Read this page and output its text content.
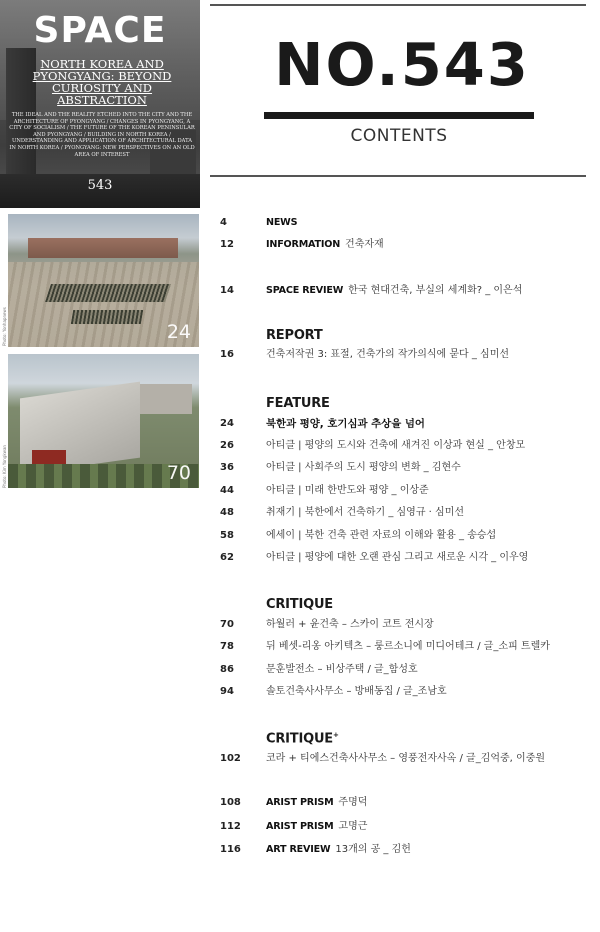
SPACE
NORTH KOREA AND PYONGYANG: BEYOND CURIOSITY AND ABSTRACTION
THE IDEAL AND THE REALITY ETCHED INTO THE CITY AND THE ARCHITECTURE OF PYONGYANG / CHANGES IN PYONGYANG, A CITY OF SOCIALISM / THE FUTURE OF THE KOREAN PENINSULAR AND PYONGYANG / BUILDING IN NORTH KOREA / UNDERSTANDING AND APPLICATION OF ARCHITECTURAL DATA IN NORTH KOREA / PYONGYANG: NEW PERSPECTIVES ON AN OLD AREA OF INTEREST
543
24
Photo: Yonhapnews
70
Photo: Kim Yongkwan
NO.543
CONTENTS
4	NEWS
12	INFORMATION 건축자재
14	SPACE REVIEW 한국 현대건축, 부실의 세계화? _ 이은석
REPORT
16	건축저작권 3: 표절, 건축가의 작가의식에 묻다 _ 심미선
FEATURE
24	북한과 평양, 호기심과 추상을 넘어
26	아티클 | 평양의 도시와 건축에 새겨진 이상과 현실 _ 안창모
36	아티클 | 사회주의 도시 평양의 변화 _ 김현수
44	아티클 | 미래 한반도와 평양 _ 이상준
48	취재기 | 북한에서 건축하기 _ 심영규 · 심미선
58	에세이 | 북한 건축 관련 자료의 이해와 활용 _ 송승섭
62	아티클 | 평양에 대한 오랜 관심 그리고 새로운 시각 _ 이우영
CRITIQUE
70	하월러 + 윤건축 – 스카이 코트 전시장
78	뒤 베셋-리옹 아키텍츠 – 룽르소니에 미디어테크 / 글_소피 트렐카
86	문훈발전소 – 비상주택 / 글_함성호
94	솔토건축사사무소 – 방배동집 / 글_조남호
CRITIQUE+
102	코라 + 티에스건축사사무소 – 영풍전자사옥 / 글_김억중, 이중원
108	ARIST PRISM 주명덕
112	ARIST PRISM 고명근
116	ART REVIEW 13개의 공 _ 김헌
